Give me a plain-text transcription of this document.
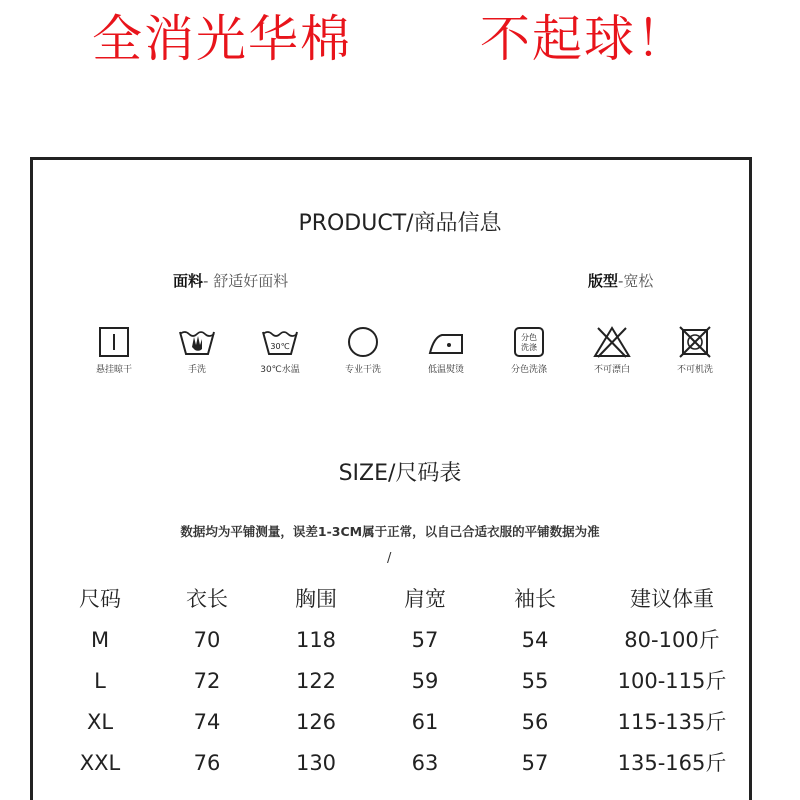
全消光华棉	不起球！
PRODUCT/商品信息
面料- 舒适好面料	版型-宽松
悬挂晾干	手洗
30℃
30℃水温	专业干洗	低温熨烫
分色
洗涤
分色洗涤	不可漂白	不可机洗
SIZE/尺码表
数据均为平铺测量，误差1-3CM属于正常，以自己合适衣服的平铺数据为准
/
尺码	衣长	胸围	肩宽	袖长	建议体重
M	70	118	57	54	80-100斤
L	72	122	59	55	100-115斤
XL	74	126	61	56	115-135斤
XXL	76	130	63	57	135-165斤
